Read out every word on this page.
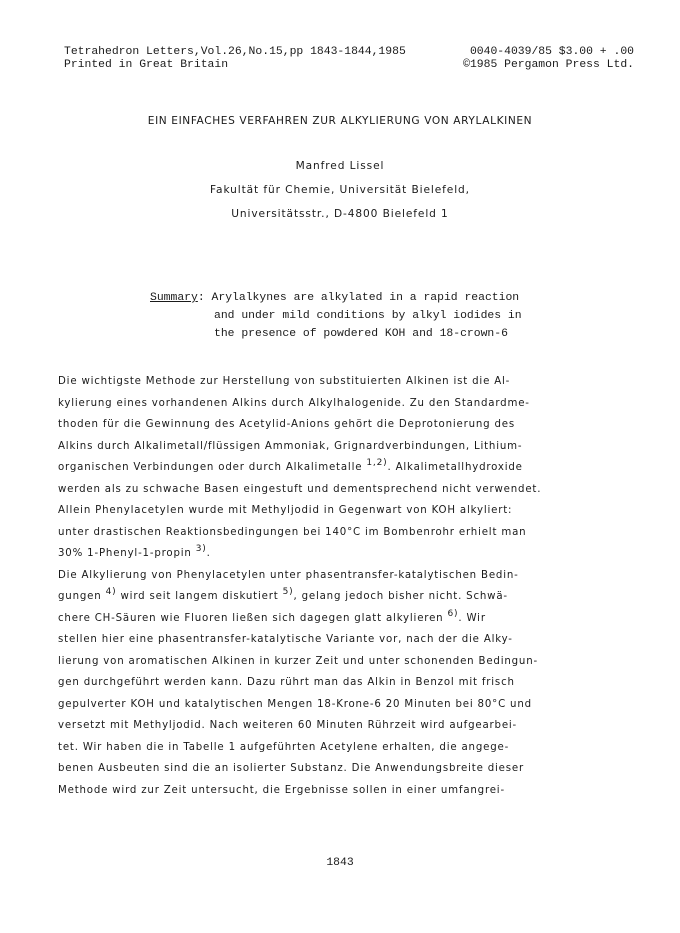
Tetrahedron Letters,Vol.26,No.15,pp 1843-1844,1985	0040-4039/85 $3.00 + .00
Printed in Great Britain	©1985 Pergamon Press Ltd.
EIN EINFACHES VERFAHREN ZUR ALKYLIERUNG VON ARYLALKINEN
Manfred Lissel
Fakultät für Chemie, Universität Bielefeld,
Universitätsstr., D-4800 Bielefeld 1
Summary: Arylalkynes are alkylated in a rapid reaction
and under mild conditions by alkyl iodides in
the presence of powdered KOH and 18-crown-6
Die wichtigste Methode zur Herstellung von substituierten Alkinen ist die Al-
kylierung eines vorhandenen Alkins durch Alkylhalogenide. Zu den Standardme-
thoden für die Gewinnung des Acetylid-Anions gehört die Deprotonierung des
Alkins durch Alkalimetall/flüssigen Ammoniak, Grignardverbindungen, Lithium-
organischen Verbindungen oder durch Alkalimetalle $^{1,2)}$. Alkalimetallhydroxide
werden als zu schwache Basen eingestuft und dementsprechend nicht verwendet.
Allein Phenylacetylen wurde mit Methyljodid in Gegenwart von KOH alkyliert:
unter drastischen Reaktionsbedingungen bei 140°C im Bombenrohr erhielt man
30% 1-Phenyl-1-propin $^{3)}$.
Die Alkylierung von Phenylacetylen unter phasentransfer-katalytischen Bedin-
gungen $^{4)}$ wird seit langem diskutiert $^{5)}$, gelang jedoch bisher nicht. Schwä-
chere CH-Säuren wie Fluoren ließen sich dagegen glatt alkylieren $^{6)}$. Wir
stellen hier eine phasentransfer-katalytische Variante vor, nach der die Alky-
lierung von aromatischen Alkinen in kurzer Zeit und unter schonenden Bedingun-
gen durchgeführt werden kann. Dazu rührt man das Alkin in Benzol mit frisch
gepulverter KOH und katalytischen Mengen 18-Krone-6 20 Minuten bei 80°C und
versetzt mit Methyljodid. Nach weiteren 60 Minuten Rührzeit wird aufgearbei-
tet. Wir haben die in Tabelle 1 aufgeführten Acetylene erhalten, die angege-
benen Ausbeuten sind die an isolierter Substanz. Die Anwendungsbreite dieser
Methode wird zur Zeit untersucht, die Ergebnisse sollen in einer umfangrei-
1843
